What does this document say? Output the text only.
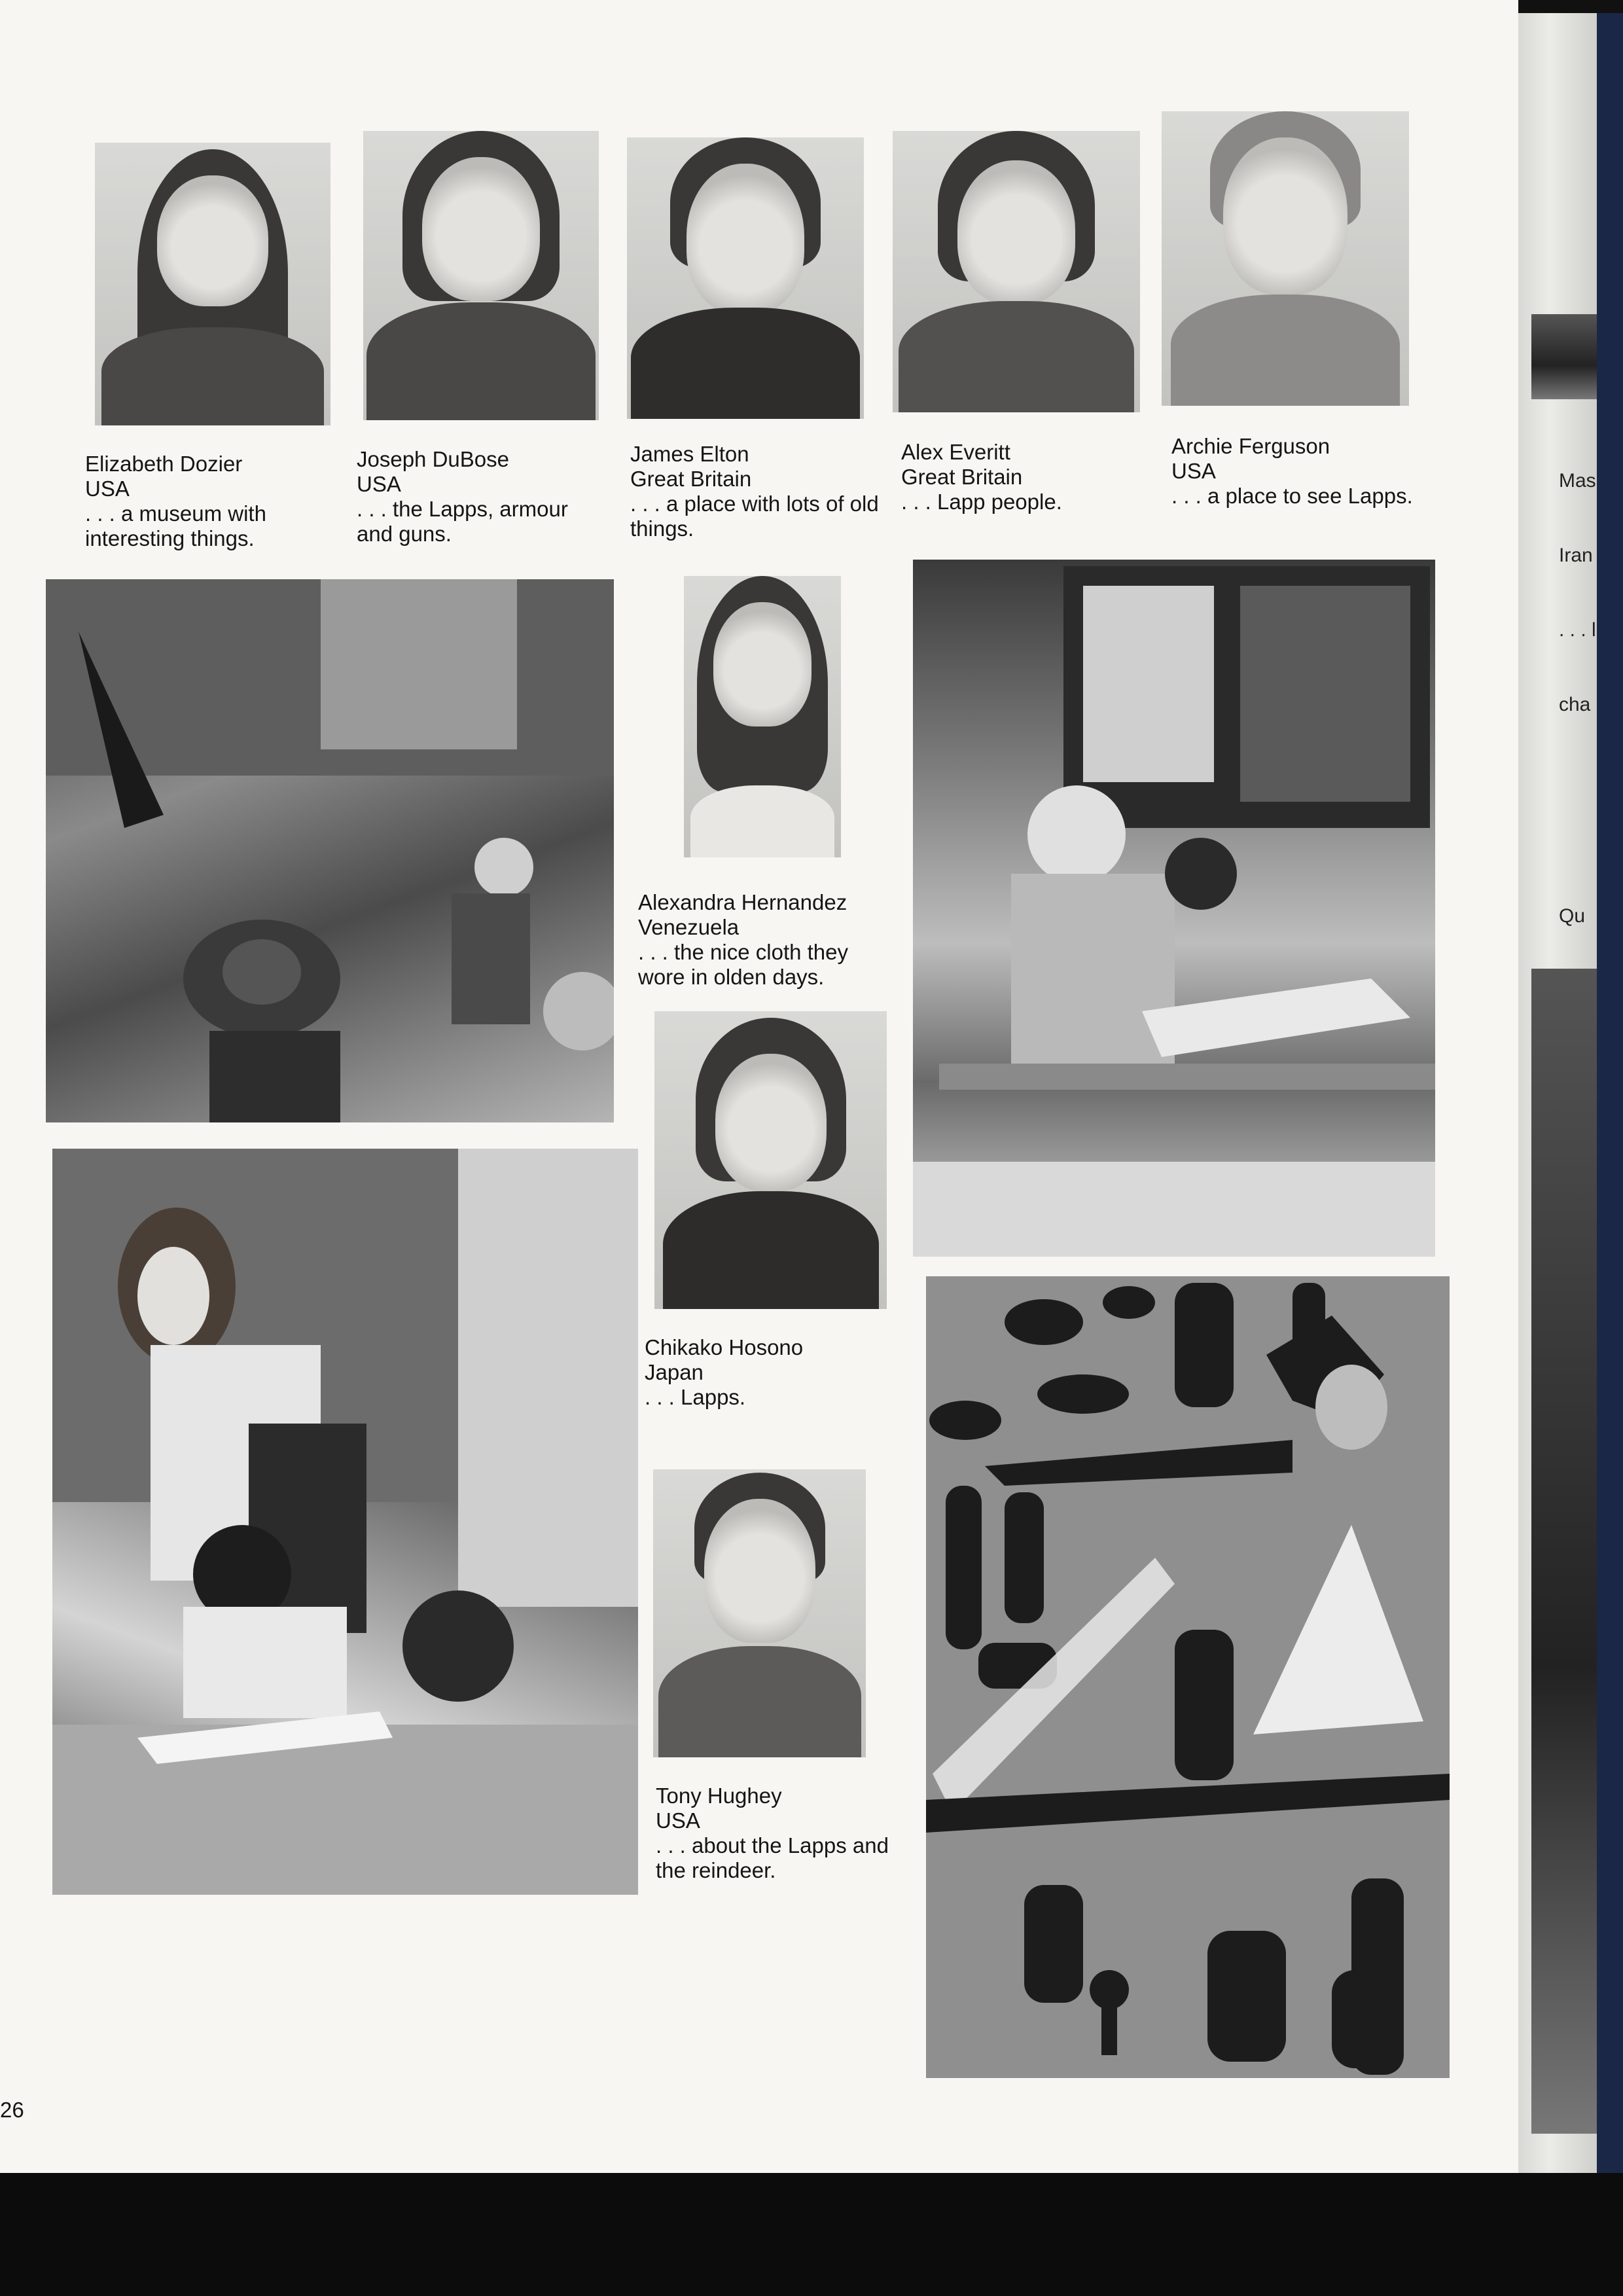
Elizabeth Dozier
USA
. . . a museum with interesting things.
Joseph DuBose
USA
. . . the Lapps, armour and guns.
James Elton
Great Britain
. . . a place with lots of old things.
Alex Everitt
Great Britain
. . . Lapp people.
Archie Ferguson
USA
. . . a place to see Lapps.
Alexandra Hernandez
Venezuela
. . . the nice cloth they wore in olden days.
Chikako Hosono
Japan
. . . Lapps.
Tony Hughey
USA
. . . about the Lapps and the reindeer.
26

Mas

Iran

. . . l

cha

Qu
